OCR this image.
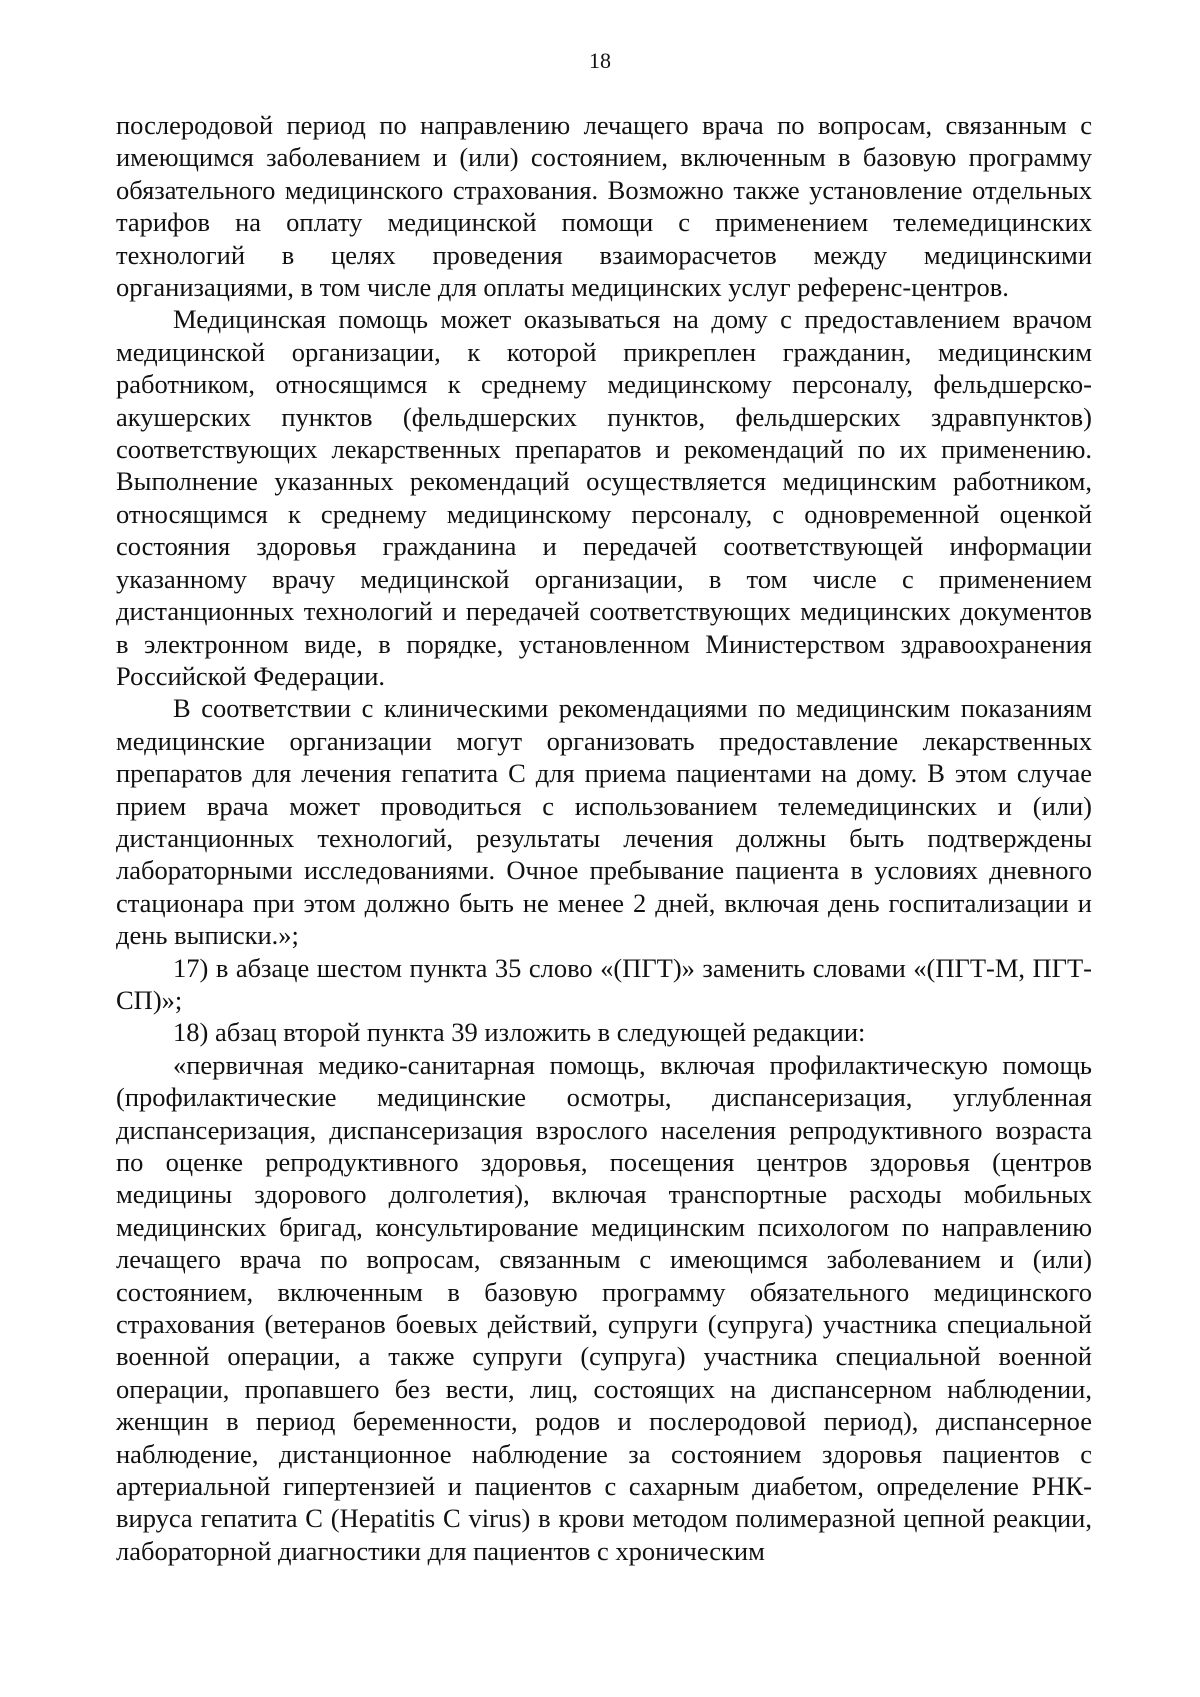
18

послеродовой период по направлению лечащего врача по вопросам, связанным с имеющимся заболеванием и (или) состоянием, включенным в базовую программу обязательного медицинского страхования. Возможно также установление отдельных тарифов на оплату медицинской помощи с применением телемедицинских технологий в целях проведения взаиморасчетов между медицинскими организациями, в том числе для оплаты медицинских услуг референс-центров.

Медицинская помощь может оказываться на дому с предоставлением врачом медицинской организации, к которой прикреплен гражданин, медицинским работником, относящимся к среднему медицинскому персоналу, фельдшерско-акушерских пунктов (фельдшерских пунктов, фельдшерских здравпунктов) соответствующих лекарственных препаратов и рекомендаций по их применению. Выполнение указанных рекомендаций осуществляется медицинским работником, относящимся к среднему медицинскому персоналу, с одновременной оценкой состояния здоровья гражданина и передачей соответствующей информации указанному врачу медицинской организации, в том числе с применением дистанционных технологий и передачей соответствующих медицинских документов в электронном виде, в порядке, установленном Министерством здравоохранения Российской Федерации.

В соответствии с клиническими рекомендациями по медицинским показаниям медицинские организации могут организовать предоставление лекарственных препаратов для лечения гепатита С для приема пациентами на дому. В этом случае прием врача может проводиться с использованием телемедицинских и (или) дистанционных технологий, результаты лечения должны быть подтверждены лабораторными исследованиями. Очное пребывание пациента в условиях дневного стационара при этом должно быть не менее 2 дней, включая день госпитализации и день выписки.»;

17) в абзаце шестом пункта 35 слово «(ПГТ)» заменить словами «(ПГТ-М, ПГТ-СП)»;

18) абзац второй пункта 39 изложить в следующей редакции:

«первичная медико-санитарная помощь, включая профилактическую помощь (профилактические медицинские осмотры, диспансеризация, углубленная диспансеризация, диспансеризация взрослого населения репродуктивного возраста по оценке репродуктивного здоровья, посещения центров здоровья (центров медицины здорового долголетия), включая транспортные расходы мобильных медицинских бригад, консультирование медицинским психологом по направлению лечащего врача по вопросам, связанным с имеющимся заболеванием и (или) состоянием, включенным в базовую программу обязательного медицинского страхования (ветеранов боевых действий, супруги (супруга) участника специальной военной операции, а также супруги (супруга) участника специальной военной операции, пропавшего без вести, лиц, состоящих на диспансерном наблюдении, женщин в период беременности, родов и послеродовой период), диспансерное наблюдение, дистанционное наблюдение за состоянием здоровья пациентов с артериальной гипертензией и пациентов с сахарным диабетом, определение РНК-вируса гепатита С (Hepatitis C virus) в крови методом полимеразной цепной реакции, лабораторной диагностики для пациентов с хроническим
